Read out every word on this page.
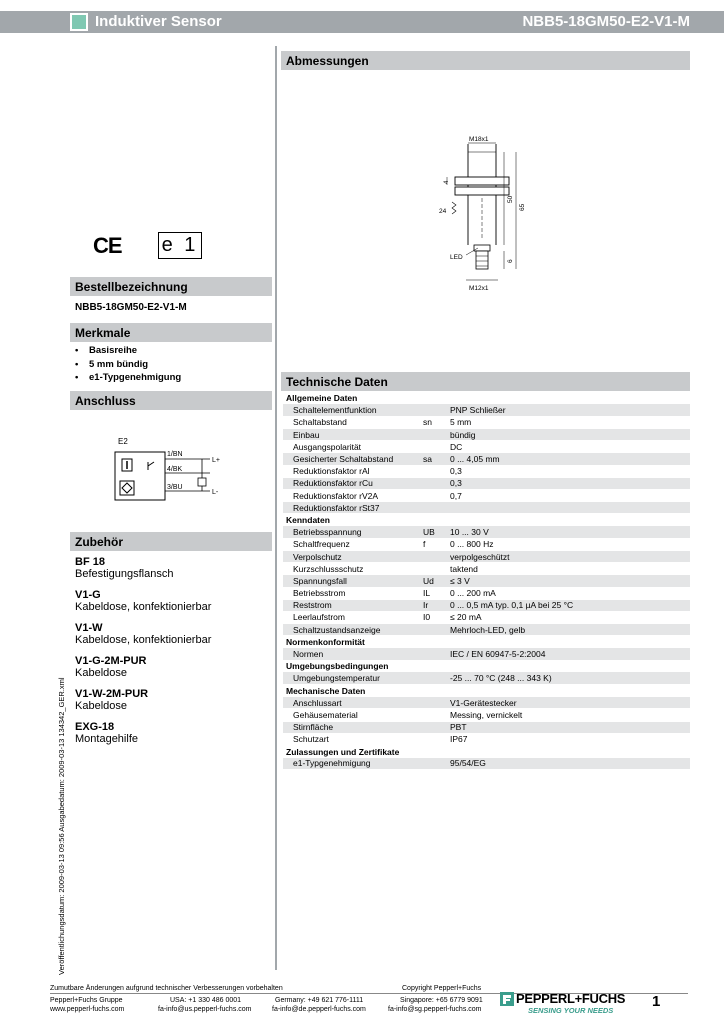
Induktiver Sensor	NBB5-18GM50-E2-V1-M
CE e 1
Bestellbezeichnung
NBB5-18GM50-E2-V1-M
Merkmale
• Basisreihe
• 5 mm bündig
• e1-Typgenehmigung
Anschluss
E2
1/BN
4/BK
3/BU
L+
L-
Zubehör
BF 18
Befestigungsflansch
V1-G
Kabeldose, konfektionierbar
V1-W
Kabeldose, konfektionierbar
V1-G-2M-PUR
Kabeldose
V1-W-2M-PUR
Kabeldose
EXG-18
Montagehilfe
Veröffentlichungsdatum: 2009-03-13 09:56 Ausgabedatum: 2009-03-13 134342_GER.xml
Abmessungen
M18x1
M12x1
4
24
50
65
6
LED
Technische Daten
Allgemeine Daten		
Schaltelementfunktion		PNP Schließer
Schaltabstand	sn	5 mm
Einbau		bündig
Ausgangspolarität		DC
Gesicherter Schaltabstand	sa	0 ... 4,05 mm
Reduktionsfaktor rAl		0,3
Reduktionsfaktor rCu		0,3
Reduktionsfaktor rV2A		0,7
Reduktionsfaktor rSt37		
Kenndaten		
Betriebsspannung	UB	10 ... 30 V
Schaltfrequenz	f	0 ... 800 Hz
Verpolschutz		verpolgeschützt
Kurzschlussschutz		taktend
Spannungsfall	Ud	≤ 3 V
Betriebsstrom	IL	0 ... 200 mA
Reststrom	Ir	0 ... 0,5 mA typ. 0,1 µA bei 25 °C
Leerlaufstrom	I0	≤ 20 mA
Schaltzustandsanzeige		Mehrloch-LED, gelb
Normenkonformität		
Normen		IEC / EN 60947-5-2:2004
Umgebungsbedingungen		
Umgebungstemperatur		-25 ... 70 °C (248 ... 343 K)
Mechanische Daten		
Anschlussart		V1-Gerätestecker
Gehäusematerial		Messing, vernickelt
Stirnfläche		PBT
Schutzart		IP67
Zulassungen und Zertifikate		
e1-Typgenehmigung		95/54/EG
Zumutbare Änderungen aufgrund technischer Verbesserungen vorbehalten	Copyright Pepperl+Fuchs
Pepperl+Fuchs Gruppe
www.pepperl-fuchs.com
USA: +1 330 486 0001
fa-info@us.pepperl-fuchs.com
Germany: +49 621 776-1111
fa-info@de.pepperl-fuchs.com
Singapore: +65 6779 9091
fa-info@sg.pepperl-fuchs.com
PEPPERL+FUCHS
SENSING YOUR NEEDS
1
